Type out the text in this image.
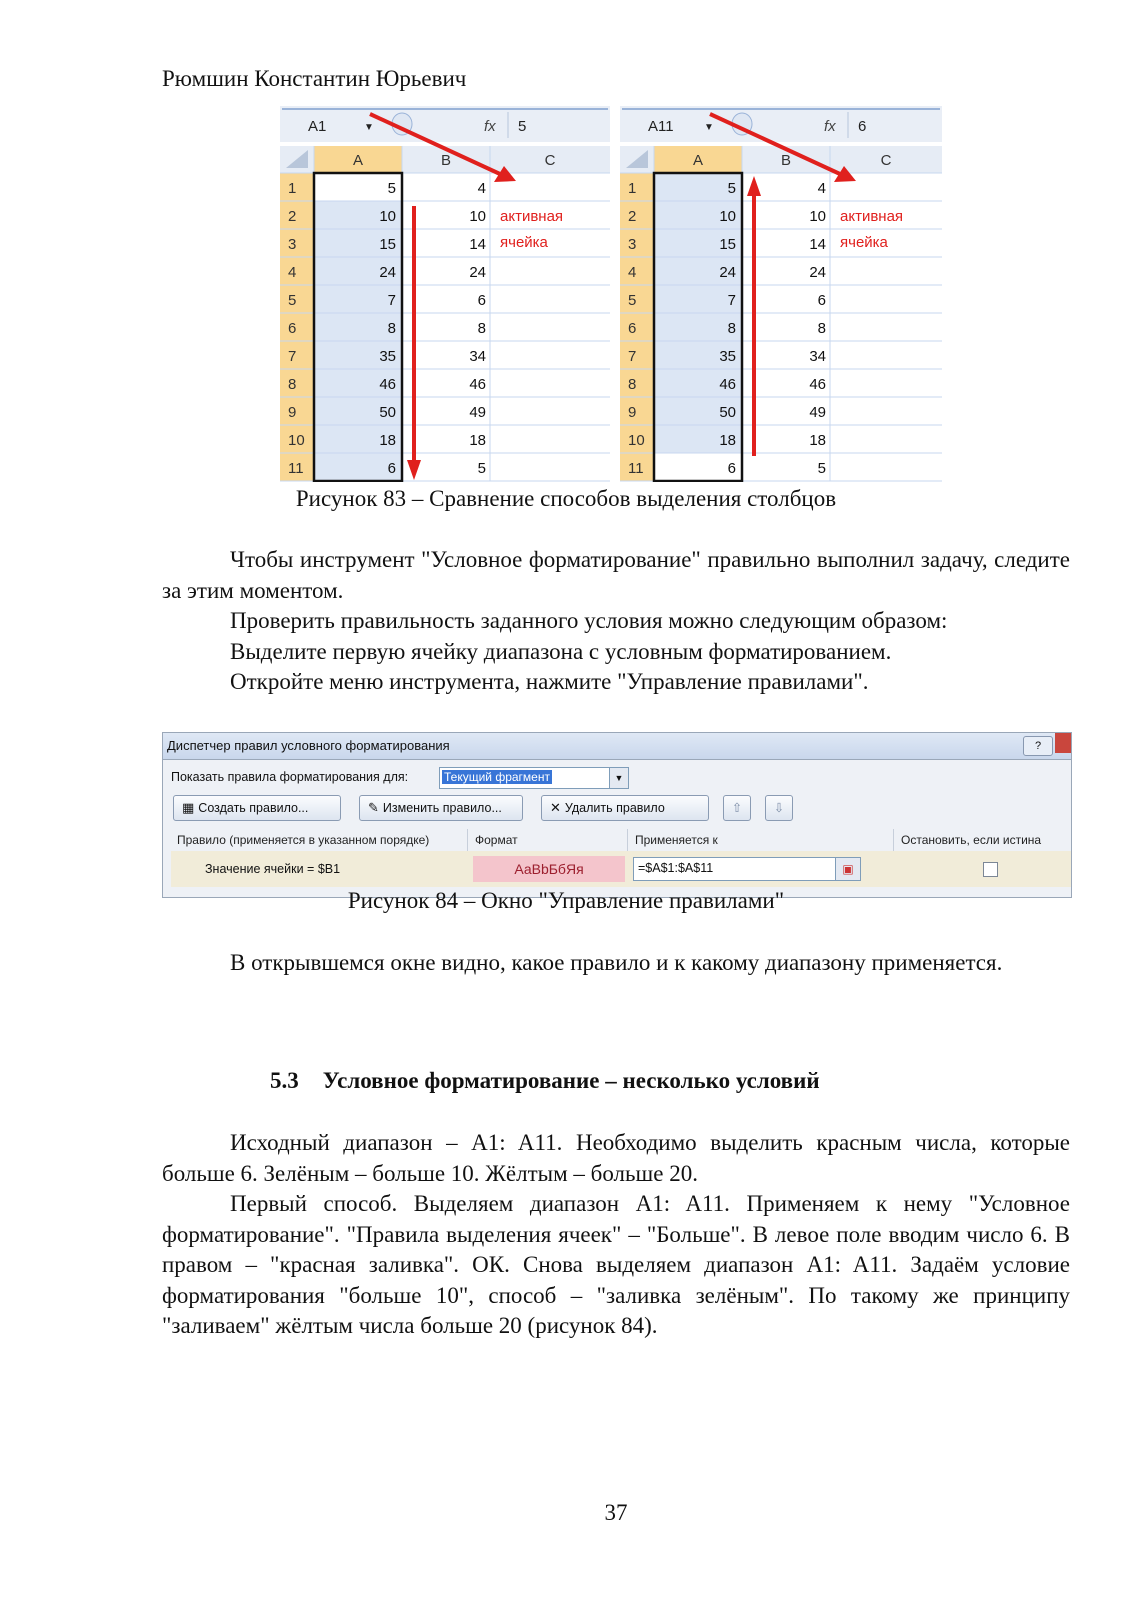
Рюмшин Константин Юрьевич
A1	▼	fx 5
A	B	C
1	5	4
2	10	10
3	15	14
4	24	24
5	7	6
6	8	8
7	35	34
8	46	46
9	50	49
10	18	18
11	6	5
активная
ячейка
A11	▼	fx 6
A	B	C
1	5	4
2	10	10
3	15	14
4	24	24
5	7	6
6	8	8
7	35	34
8	46	46
9	50	49
10	18	18
11	6	5
активная
ячейка
Рисунок 83 – Сравнение способов выделения столбцов

Чтобы инструмент "Условное форматирование" правильно выполнил задачу, следите за этим моментом.

Проверить правильность заданного условия можно следующим образом:

Выделите первую ячейку диапазона с условным форматированием.

Откройте меню инструмента, нажмите "Управление правилами".

Диспетчер правил условного форматирования	?
Показать правила форматирования для:	Текущий фрагмент	▼
▦ Создать правило...	✎ Изменить правило...	✕ Удалить правило	⇧	⇩
Правило (применяется в указанном порядке)	Формат	Применяется к	Остановить, если истина
Значение ячейки = $B1	АаBbБбЯя	=$A$1:$A$11	▣
Рисунок 84 – Окно "Управление правилами"

В открывшемся окне видно, какое правило и к какому диапазону применяется.

5.3 Условное форматирование – несколько условий

Исходный диапазон – A1: A11. Необходимо выделить красным числа, которые больше 6. Зелёным – больше 10. Жёлтым – больше 20.

Первый способ. Выделяем диапазон A1: A11. Применяем к нему "Условное форматирование". "Правила выделения ячеек" – "Больше". В левое поле вводим число 6. В правом – "красная заливка". ОК. Снова выделяем диапазон A1: A11. Задаём условие форматирования "больше 10", способ – "заливка зелёным". По такому же принципу "заливаем" жёлтым числа больше 20 (рисунок 84).

37
